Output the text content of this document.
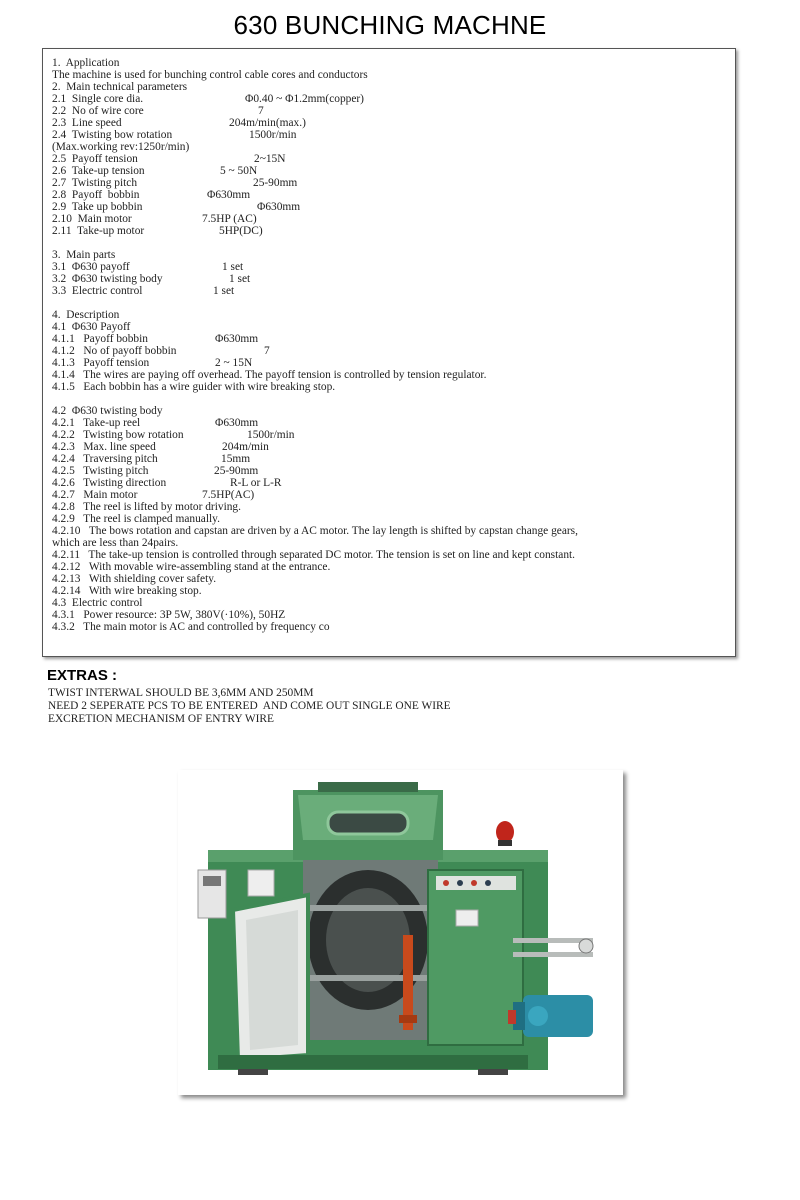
630 BUNCHING MACHNE
1.  Application
The machine is used for bunching control cable cores and conductors
2.  Main technical parameters
2.1  Single core dia.	Φ0.40 ~ Φ1.2mm(copper)
2.2  No of wire core	7
2.3  Line speed	204m/min(max.)
2.4  Twisting bow rotation	1500r/min
(Max.working rev:1250r/min)
2.5  Payoff tension	2~15N
2.6  Take-up tension	5 ~ 50N
2.7  Twisting pitch	25-90mm
2.8  Payoff  bobbin	Φ630mm
2.9  Take up bobbin	Φ630mm
2.10  Main motor	7.5HP (AC)
2.11  Take-up motor	5HP(DC)
3.  Main parts
3.1  Φ630 payoff	1 set
3.2  Φ630 twisting body	1 set
3.3  Electric control	1 set
4.  Description
4.1  Φ630 Payoff
4.1.1   Payoff bobbin	Φ630mm
4.1.2   No of payoff bobbin	7
4.1.3   Payoff tension	2 ~ 15N
4.1.4   The wires are paying off overhead. The payoff tension is controlled by tension regulator.
4.1.5   Each bobbin has a wire guider with wire breaking stop.
4.2  Φ630 twisting body
4.2.1   Take-up reel	Φ630mm
4.2.2   Twisting bow rotation	1500r/min
4.2.3   Max. line speed	204m/min
4.2.4   Traversing pitch	15mm
4.2.5   Twisting pitch	25-90mm
4.2.6   Twisting direction	R-L or L-R
4.2.7   Main motor	7.5HP(AC)
4.2.8   The reel is lifted by motor driving.
4.2.9   The reel is clamped manually.
4.2.10   The bows rotation and capstan are driven by a AC motor. The lay length is shifted by capstan change gears,
which are less than 24pairs.
4.2.11   The take-up tension is controlled through separated DC motor. The tension is set on line and kept constant.
4.2.12   With movable wire-assembling stand at the entrance.
4.2.13   With shielding cover safety.
4.2.14   With wire breaking stop.
4.3  Electric control
4.3.1   Power resource: 3P 5W, 380V(·10%), 50HZ
4.3.2   The main motor is AC and controlled by frequency co
EXTRAS :
TWIST INTERWAL SHOULD BE 3,6MM AND 250MM
NEED 2 SEPERATE PCS TO BE ENTERED  AND COME OUT SINGLE ONE WIRE
EXCRETION MECHANISM OF ENTRY WIRE
